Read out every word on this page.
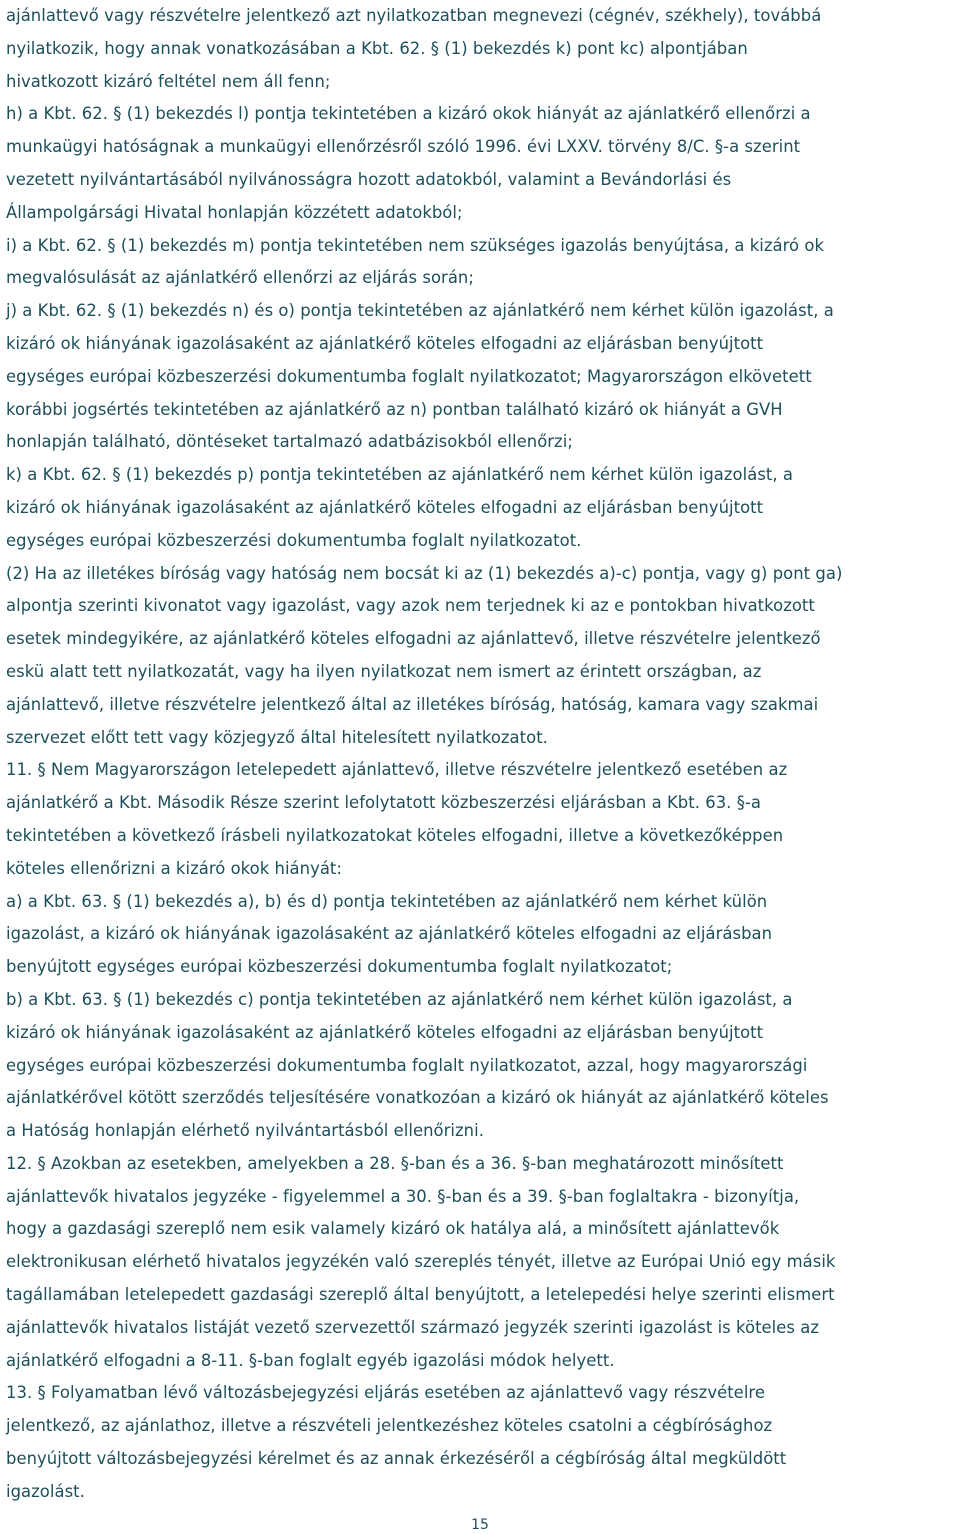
ajánlattevő vagy részvételre jelentkező azt nyilatkozatban megnevezi (cégnév, székhely), továbbá
nyilatkozik, hogy annak vonatkozásában a Kbt. 62. § (1) bekezdés k) pont kc) alpontjában
hivatkozott kizáró feltétel nem áll fenn;
h) a Kbt. 62. § (1) bekezdés l) pontja tekintetében a kizáró okok hiányát az ajánlatkérő ellenőrzi a
munkaügyi hatóságnak a munkaügyi ellenőrzésről szóló 1996. évi LXXV. törvény 8/C. §-a szerint
vezetett nyilvántartásából nyilvánosságra hozott adatokból, valamint a Bevándorlási és
Állampolgársági Hivatal honlapján közzétett adatokból;
i) a Kbt. 62. § (1) bekezdés m) pontja tekintetében nem szükséges igazolás benyújtása, a kizáró ok
megvalósulását az ajánlatkérő ellenőrzi az eljárás során;
j) a Kbt. 62. § (1) bekezdés n) és o) pontja tekintetében az ajánlatkérő nem kérhet külön igazolást, a
kizáró ok hiányának igazolásaként az ajánlatkérő köteles elfogadni az eljárásban benyújtott
egységes európai közbeszerzési dokumentumba foglalt nyilatkozatot; Magyarországon elkövetett
korábbi jogsértés tekintetében az ajánlatkérő az n) pontban található kizáró ok hiányát a GVH
honlapján található, döntéseket tartalmazó adatbázisokból ellenőrzi;
k) a Kbt. 62. § (1) bekezdés p) pontja tekintetében az ajánlatkérő nem kérhet külön igazolást, a
kizáró ok hiányának igazolásaként az ajánlatkérő köteles elfogadni az eljárásban benyújtott
egységes európai közbeszerzési dokumentumba foglalt nyilatkozatot.
(2) Ha az illetékes bíróság vagy hatóság nem bocsát ki az (1) bekezdés a)-c) pontja, vagy g) pont ga)
alpontja szerinti kivonatot vagy igazolást, vagy azok nem terjednek ki az e pontokban hivatkozott
esetek mindegyikére, az ajánlatkérő köteles elfogadni az ajánlattevő, illetve részvételre jelentkező
eskü alatt tett nyilatkozatát, vagy ha ilyen nyilatkozat nem ismert az érintett országban, az
ajánlattevő, illetve részvételre jelentkező által az illetékes bíróság, hatóság, kamara vagy szakmai
szervezet előtt tett vagy közjegyző által hitelesített nyilatkozatot.
11. § Nem Magyarországon letelepedett ajánlattevő, illetve részvételre jelentkező esetében az
ajánlatkérő a Kbt. Második Része szerint lefolytatott közbeszerzési eljárásban a Kbt. 63. §-a
tekintetében a következő írásbeli nyilatkozatokat köteles elfogadni, illetve a következőképpen
köteles ellenőrizni a kizáró okok hiányát:
a) a Kbt. 63. § (1) bekezdés a), b) és d) pontja tekintetében az ajánlatkérő nem kérhet külön
igazolást, a kizáró ok hiányának igazolásaként az ajánlatkérő köteles elfogadni az eljárásban
benyújtott egységes európai közbeszerzési dokumentumba foglalt nyilatkozatot;
b) a Kbt. 63. § (1) bekezdés c) pontja tekintetében az ajánlatkérő nem kérhet külön igazolást, a
kizáró ok hiányának igazolásaként az ajánlatkérő köteles elfogadni az eljárásban benyújtott
egységes európai közbeszerzési dokumentumba foglalt nyilatkozatot, azzal, hogy magyarországi
ajánlatkérővel kötött szerződés teljesítésére vonatkozóan a kizáró ok hiányát az ajánlatkérő köteles
a Hatóság honlapján elérhető nyilvántartásból ellenőrizni.
12. § Azokban az esetekben, amelyekben a 28. §-ban és a 36. §-ban meghatározott minősített
ajánlattevők hivatalos jegyzéke - figyelemmel a 30. §-ban és a 39. §-ban foglaltakra - bizonyítja,
hogy a gazdasági szereplő nem esik valamely kizáró ok hatálya alá, a minősített ajánlattevők
elektronikusan elérhető hivatalos jegyzékén való szereplés tényét, illetve az Európai Unió egy másik
tagállamában letelepedett gazdasági szereplő által benyújtott, a letelepedési helye szerinti elismert
ajánlattevők hivatalos listáját vezető szervezettől származó jegyzék szerinti igazolást is köteles az
ajánlatkérő elfogadni a 8-11. §-ban foglalt egyéb igazolási módok helyett.
13. § Folyamatban lévő változásbejegyzési eljárás esetében az ajánlattevő vagy részvételre
jelentkező, az ajánlathoz, illetve a részvételi jelentkezéshez köteles csatolni a cégbírósághoz
benyújtott változásbejegyzési kérelmet és az annak érkezéséről a cégbíróság által megküldött
igazolást.
15
